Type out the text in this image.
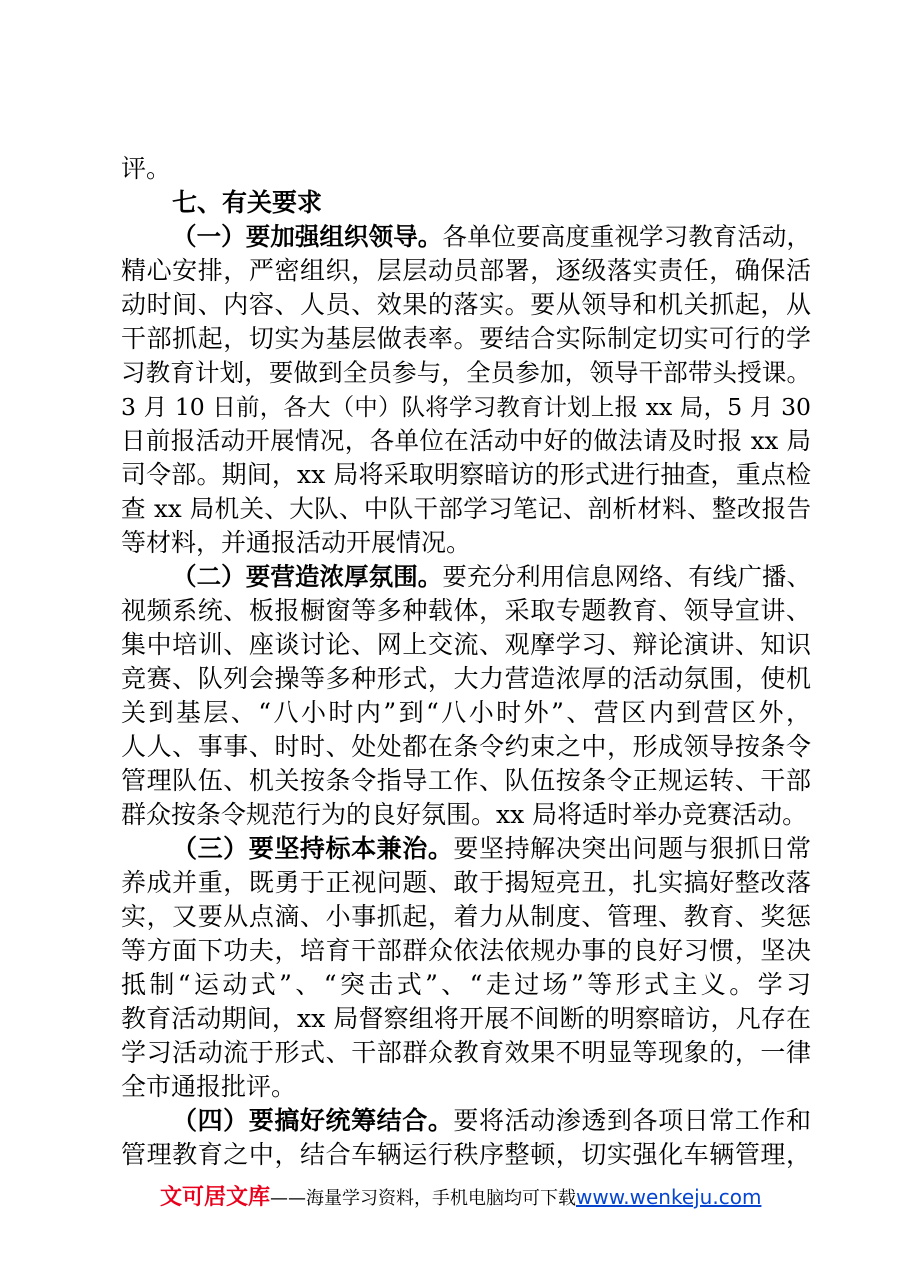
评。
七、有关要求
（一）要加强组织领导。各单位要高度重视学习教育活动，
精心安排，严密组织，层层动员部署，逐级落实责任，确保活
动时间、内容、人员、效果的落实。要从领导和机关抓起，从
干部抓起，切实为基层做表率。要结合实际制定切实可行的学
习教育计划，要做到全员参与，全员参加，领导干部带头授课。
3 月 10 日前，各大（中）队将学习教育计划上报 xx 局，5 月 30
日前报活动开展情况，各单位在活动中好的做法请及时报 xx 局
司令部。期间，xx 局将采取明察暗访的形式进行抽查，重点检
查 xx 局机关、大队、中队干部学习笔记、剖析材料、整改报告
等材料，并通报活动开展情况。
（二）要营造浓厚氛围。要充分利用信息网络、有线广播、
视频系统、板报橱窗等多种载体，采取专题教育、领导宣讲、
集中培训、座谈讨论、网上交流、观摩学习、辩论演讲、知识
竞赛、队列会操等多种形式，大力营造浓厚的活动氛围，使机
关到基层、“八小时内”到“八小时外”、营区内到营区外，
人人、事事、时时、处处都在条令约束之中，形成领导按条令
管理队伍、机关按条令指导工作、队伍按条令正规运转、干部
群众按条令规范行为的良好氛围。xx 局将适时举办竞赛活动。
（三）要坚持标本兼治。要坚持解决突出问题与狠抓日常
养成并重，既勇于正视问题、敢于揭短亮丑，扎实搞好整改落
实，又要从点滴、小事抓起，着力从制度、管理、教育、奖惩
等方面下功夫，培育干部群众依法依规办事的良好习惯，坚决
抵制“运动式”、“突击式”、“走过场”等形式主义。学习
教育活动期间，xx 局督察组将开展不间断的明察暗访，凡存在
学习活动流于形式、干部群众教育效果不明显等现象的，一律
全市通报批评。
（四）要搞好统筹结合。要将活动渗透到各项日常工作和
管理教育之中，结合车辆运行秩序整顿，切实强化车辆管理，
文可居文库——海量学习资料，手机电脑均可下载www.wenkeju.com
